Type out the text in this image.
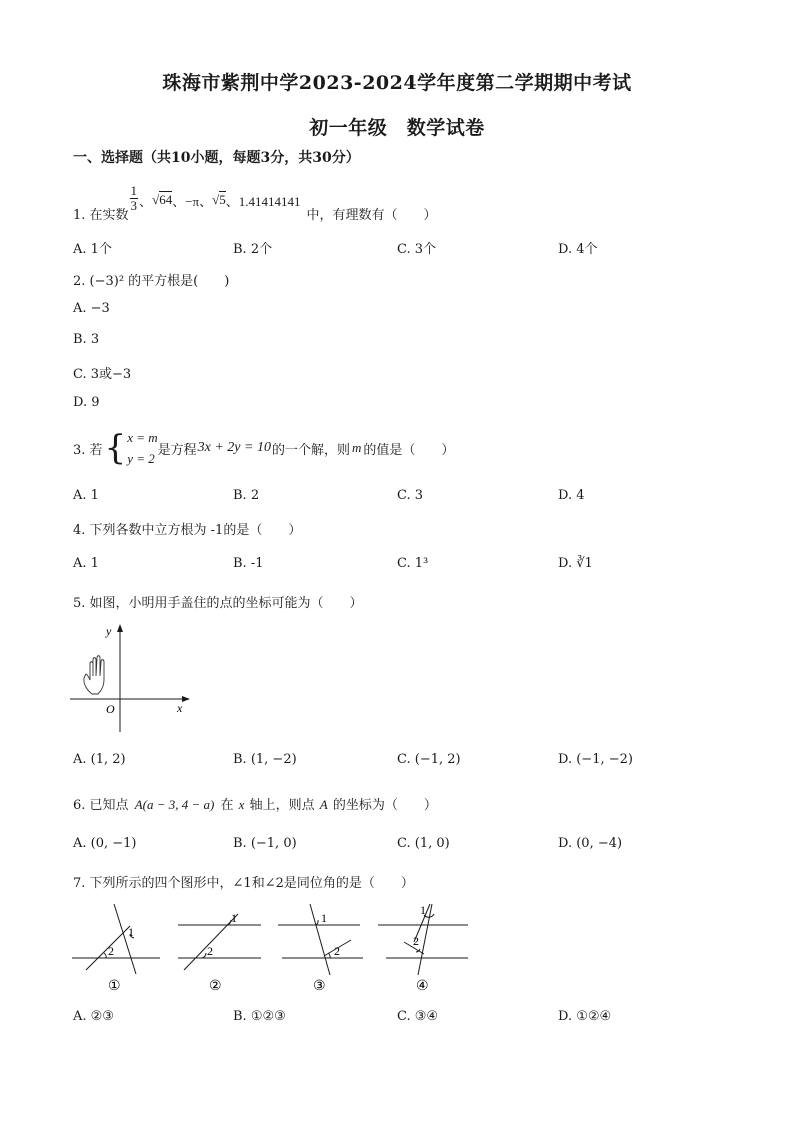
珠海市紫荆中学2023-2024学年度第二学期期中考试
初一年级　数学试卷
一、选择题（共10小题，每题3分，共30分）
1. 在实数
$\frac{1}{3}$ 、 √64 、−π、 √5 、1.41414141
中，有理数有（　　）
A. 1个	B. 2个	C. 3个	D. 4个
2. (−3)² 的平方根是(　　)
A. −3
B. 3
C. 3或−3
D. 9
3. 若 { x = m
y = 2
是方程 3x + 2y = 10 的一个解，则 m 的值是（　　）
A. 1	B. 2	C. 3	D. 4
4. 下列各数中立方根为 -1的是（　　）
A. 1	B. -1	C. 1³	D. ∛1
5. 如图，小明用手盖住的点的坐标可能为（　　）
y
x
O
A. (1, 2)	B. (1, −2)	C. (−1, 2)	D. (−1, −2)
6. 已知点 A(a − 3, 4 − a) 在 x 轴上，则点 A 的坐标为（　　）
A. (0, −1)	B. (−1, 0)	C. (1, 0)	D. (0, −4)
7. 下列所示的四个图形中，∠1和∠2是同位角的是（　　）
1
2
1
2
1
2
1
2
①	②	③	④
A. ②③	B. ①②③	C. ③④	D. ①②④
